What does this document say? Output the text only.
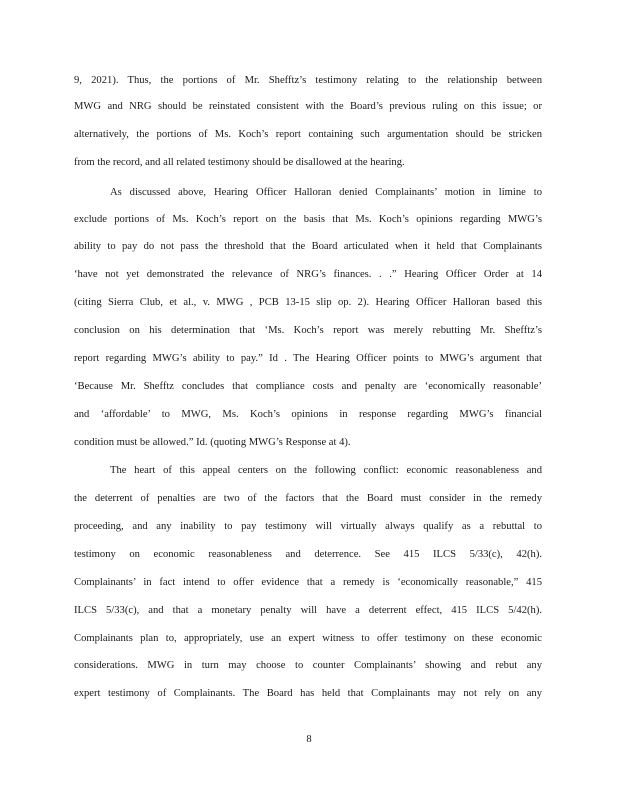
9, 2021). Thus, the portions of Mr. Shefftz’s testimony relating to the relationship between
MWG and NRG should be reinstated consistent with the Board’s previous ruling on this issue; or
alternatively, the portions of Ms. Koch’s report containing such argumentation should be stricken
from the record, and all related testimony should be disallowed at the hearing.
As discussed above, Hearing Officer Halloran denied Complainants’ motion in limine to
exclude portions of Ms. Koch’s report on the basis that Ms. Koch’s opinions regarding MWG’s
ability to pay do not pass the threshold that the Board articulated when it held that Complainants
‘have not yet demonstrated the relevance of NRG’s finances. . .” Hearing Officer Order at 14
(citing Sierra Club, et al., v. MWG , PCB 13-15 slip op. 2). Hearing Officer Halloran based this
conclusion on his determination that ‘Ms. Koch’s report was merely rebutting Mr. Shefftz’s
report regarding MWG’s ability to pay.” Id . The Hearing Officer points to MWG’s argument that
‘Because Mr. Shefftz concludes that compliance costs and penalty are ‘economically reasonable’
and ‘affordable’ to MWG, Ms. Koch’s opinions in response regarding MWG’s financial
condition must be allowed.” Id. (quoting MWG’s Response at 4).
The heart of this appeal centers on the following conflict: economic reasonableness and
the deterrent of penalties are two of the factors that the Board must consider in the remedy
proceeding, and any inability to pay testimony will virtually always qualify as a rebuttal to
testimony on economic reasonableness and deterrence. See 415 ILCS 5/33(c), 42(h).
Complainants’ in fact intend to offer evidence that a remedy is ‘economically reasonable,” 415
ILCS 5/33(c), and that a monetary penalty will have a deterrent effect, 415 ILCS 5/42(h).
Complainants plan to, appropriately, use an expert witness to offer testimony on these economic
considerations. MWG in turn may choose to counter Complainants’ showing and rebut any
expert testimony of Complainants. The Board has held that Complainants may not rely on any
8
